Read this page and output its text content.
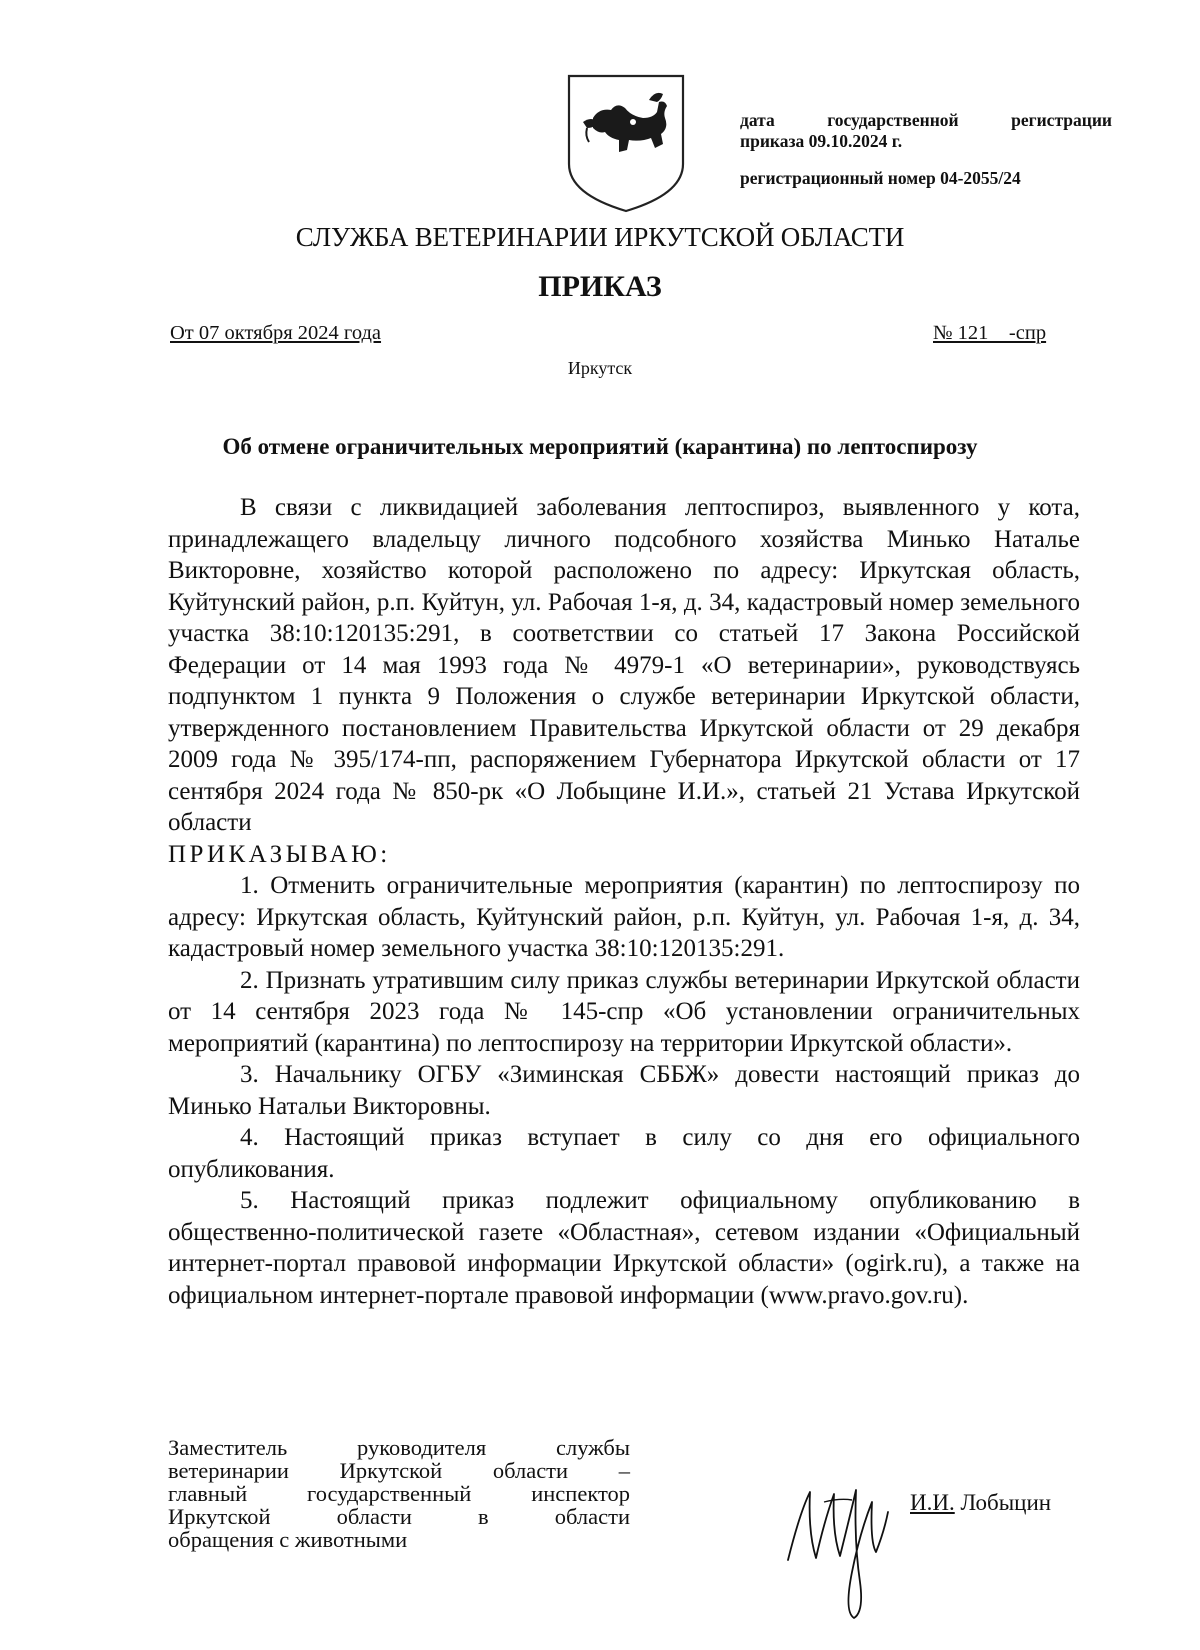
дата	государственной	регистрации
приказа 09.10.2024 г.
регистрационный номер 04-2055/24
СЛУЖБА ВЕТЕРИНАРИИ ИРКУТСКОЙ ОБЛАСТИ
ПРИКАЗ
От 07 октября 2024 года	№ 121    -спр
Иркутск
Об отмене ограничительных мероприятий (карантина) по лептоспирозу

В связи с ликвидацией заболевания лептоспироз, выявленного у кота, принадлежащего владельцу личного подсобного хозяйства Минько Наталье Викторовне, хозяйство которой расположено по адресу: Иркутская область, Куйтунский район, р.п. Куйтун, ул. Рабочая 1-я, д. 34, кадастровый номер земельного участка 38:10:120135:291, в соответствии со статьей 17 Закона Российской Федерации от 14 мая 1993 года № 4979-1 «О ветеринарии», руководствуясь подпунктом 1 пункта 9 Положения о службе ветеринарии Иркутской области, утвержденного постановлением Правительства Иркутской области от 29 декабря 2009 года № 395/174-пп, распоряжением Губернатора Иркутской области от 17 сентября 2024 года № 850-рк «О Лобыцине И.И.», статьей 21 Устава Иркутской области

ПРИКАЗЫВАЮ:

1. Отменить ограничительные мероприятия (карантин) по лептоспирозу по адресу: Иркутская область, Куйтунский район, р.п. Куйтун, ул. Рабочая 1-я, д. 34, кадастровый номер земельного участка 38:10:120135:291.

2. Признать утратившим силу приказ службы ветеринарии Иркутской области от 14 сентября 2023 года № 145-спр «Об установлении ограничительных мероприятий (карантина) по лептоспирозу на территории Иркутской области».

3. Начальнику ОГБУ «Зиминская СББЖ» довести настоящий приказ до Минько Натальи Викторовны.

4. Настоящий приказ вступает в силу со дня его официального опубликования.

5. Настоящий приказ подлежит официальному опубликованию в общественно-политической газете «Областная», сетевом издании «Официальный интернет-портал правовой информации Иркутской области» (ogirk.ru), а также на официальном интернет-портале правовой информации (www.pravo.gov.ru).

Заместитель руководителя службы
ветеринарии Иркутской области –
главный государственный инспектор
Иркутской области в области
обращения с животными
И.И. Лобыцин
